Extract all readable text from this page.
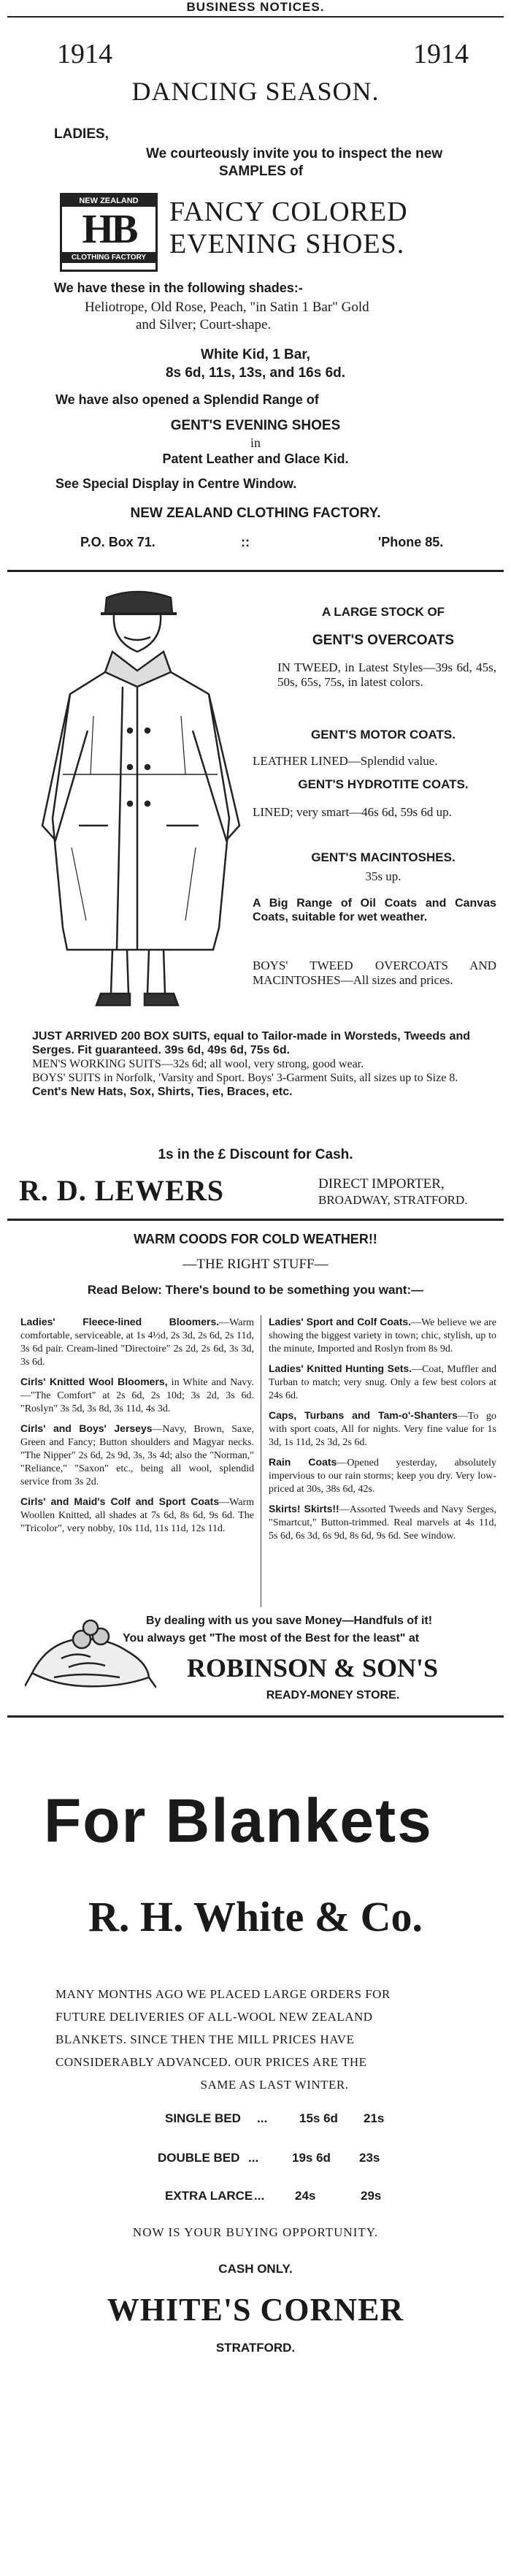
BUSINESS NOTICES.
1914	1914
DANCING SEASON.
LADIES,
We courteously invite you to inspect the new
SAMPLES of
NEW ZEALAND
HB
CLOTHING FACTORY
FANCY COLORED
EVENING SHOES.
We have these in the following shades:-
Heliotrope, Old Rose, Peach, "in Satin 1 Bar" Gold
and Silver; Court-shape.
White Kid, 1 Bar,
8s 6d, 11s, 13s, and 16s 6d.
We have also opened a Splendid Range of
GENT'S EVENING SHOES
in
Patent Leather and Glace Kid.
See Special Display in Centre Window.
NEW ZEALAND CLOTHING FACTORY.
P.O. Box 71.	::	'Phone 85.
A LARGE STOCK OF
GENT'S OVERCOATS
IN TWEED, in Latest Styles—39s 6d, 45s, 50s, 65s, 75s, in latest colors.
GENT'S MOTOR COATS.
LEATHER LINED—Splendid value.
GENT'S HYDROTITE COATS.
LINED; very smart—46s 6d, 59s 6d up.
GENT'S MACINTOSHES.
35s up.
A Big Range of Oil Coats and Canvas Coats, suitable for wet weather.
BOYS' TWEED OVERCOATS AND MACINTOSHES—All sizes and prices.
JUST ARRIVED 200 BOX SUITS, equal to Tailor-made in Worsteds, Tweeds and Serges. Fit guaranteed. 39s 6d, 49s 6d, 75s 6d.
MEN'S WORKING SUITS—32s 6d; all wool, very strong, good wear.
BOYS' SUITS in Norfolk, 'Varsity and Sport. Boys' 3-Garment Suits, all sizes up to Size 8.
Cent's New Hats, Sox, Shirts, Ties, Braces, etc.
1s in the £ Discount for Cash.
R. D. LEWERS	DIRECT IMPORTER,
BROADWAY, STRATFORD.
WARM COODS FOR COLD WEATHER!!
—THE RIGHT STUFF—
Read Below: There's bound to be something you want:—

Ladies' Fleece-lined Bloomers.—Warm comfortable, serviceable, at 1s 4½d, 2s 3d, 2s 6d, 2s 11d, 3s 6d pair. Cream-lined "Directoire" 2s 2d, 2s 6d, 3s 3d, 3s 6d.

Cirls' Knitted Wool Bloomers, in White and Navy.—"The Comfort" at 2s 6d, 2s 10d; 3s 2d, 3s 6d. "Roslyn" 3s 5d, 3s 8d, 3s 11d, 4s 3d.

Cirls' and Boys' Jerseys—Navy, Brown, Saxe, Green and Fancy; Button shoulders and Magyar necks. "The Nipper" 2s 6d, 2s 9d, 3s, 3s 4d; also the "Norman," "Reliance," "Saxon" etc., being all wool, splendid service from 3s 2d.

Cirls' and Maid's Colf and Sport Coats—Warm Woollen Knitted, all shades at 7s 6d, 8s 6d, 9s 6d. The "Tricolor", very nobby, 10s 11d, 11s 11d, 12s 11d.

Ladies' Sport and Colf Coats.—We believe we are showing the biggest variety in town; chic, stylish, up to the minute, Imported and Roslyn from 8s 9d.

Ladies' Knitted Hunting Sets.—Coat, Muffler and Turban to match; very snug. Only a few best colors at 24s 6d.

Caps, Turbans and Tam-o'-Shanters—To go with sport coats, All for nights. Very fine value for 1s 3d, 1s 11d, 2s 3d, 2s 6d.

Rain Coats—Opened yesterday, absolutely impervious to our rain storms; keep you dry. Very low-priced at 30s, 38s 6d, 42s.

Skirts! Skirts!!—Assorted Tweeds and Navy Serges, "Smartcut," Button-trimmed. Real marvels at 4s 11d, 5s 6d, 6s 3d, 6s 9d, 8s 6d, 9s 6d. See window.

By dealing with us you save Money—Handfuls of it!
You always get "The most of the Best for the least" at
ROBINSON & SON'S
READY-MONEY STORE.
For Blankets
R. H. White & Co.
MANY MONTHS AGO WE PLACED LARGE ORDERS FOR
FUTURE DELIVERIES OF ALL-WOOL NEW ZEALAND
BLANKETS. SINCE THEN THE MILL PRICES HAVE
CONSIDERABLY ADVANCED. OUR PRICES ARE THE
SAME AS LAST WINTER.
SINGLE BED ...	15s 6d 21s
DOUBLE BED ...	19s 6d 23s
EXTRA LARCE ... 24s	29s
NOW IS YOUR BUYING OPPORTUNITY.
CASH ONLY.
WHITE'S CORNER
STRATFORD.
